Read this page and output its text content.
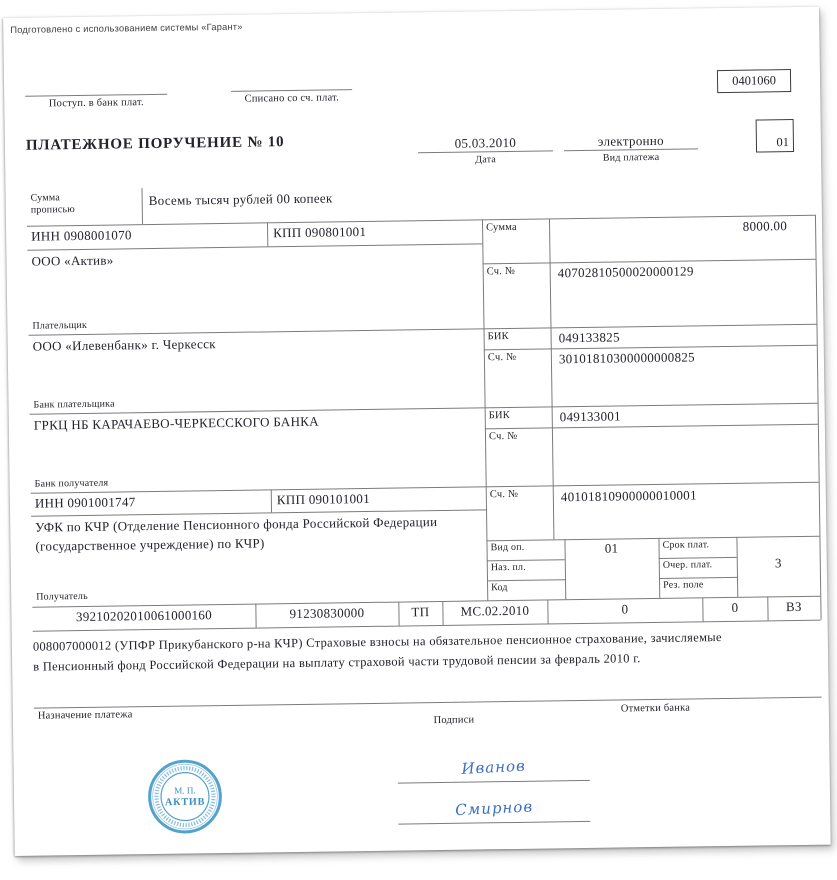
Подготовлено с использованием системы «Гарант»
Поступ. в банк плат.	Списано со сч. плат.
0401060
ПЛАТЕЖНОЕ ПОРУЧЕНИЕ № 10	05.03.2010
Дата
электронно
Вид платежа
01
Сумма
прописью
Восемь тысяч рублей 00 копеек
ИНН 0908001070	КПП 090801001
ООО «Актив»
Плательщик
ООО «Илевенбанк» г. Черкесск
Банк плательщика
ГРКЦ НБ КАРАЧАЕВО-ЧЕРКЕССКОГО БАНКА
Банк получателя
ИНН 0901001747	КПП 090101001
УФК по КЧР (Отделение Пенсионного фонда Российской Федерации
(государственное учреждение) по КЧР)
Получатель
Сумма	8000.00
Сч. №	40702810500020000129
БИК	049133825
Сч. №	30101810300000000825
БИК	049133001
Сч. №
Сч. №	40101810900000010001
Вид оп.	01	Срок плат.
Наз. пл.	Очер. плат.	3
Код	Рез. поле
39210202010061000160	91230830000	ТП	МС.02.2010	0	0	ВЗ
008007000012 (УПФР Прикубанского р-на КЧР) Страховые взносы на обязательное пенсионное страхование, зачисляемые
в Пенсионный фонд Российской Федерации на выплату страховой части трудовой пенсии за февраль 2010 г.
Назначение платежа	Подписи
Отметки банка
М. П.
АКТИВ
Иванов
Смирнов
